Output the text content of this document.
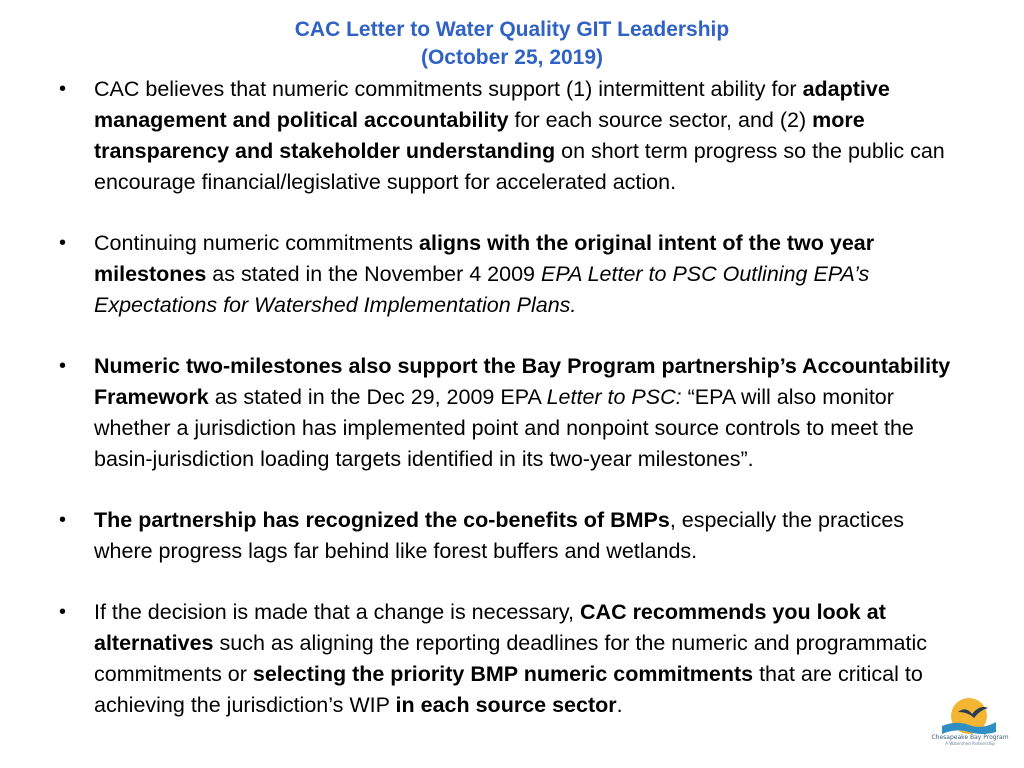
CAC Letter to Water Quality GIT Leadership
(October 25, 2019)
• CAC believes that numeric commitments support (1) intermittent ability for adaptive management and political accountability for each source sector, and (2) more transparency and stakeholder understanding on short term progress so the public can encourage financial/legislative support for accelerated action.
• Continuing numeric commitments aligns with the original intent of the two year milestones as stated in the November 4 2009 EPA Letter to PSC Outlining EPA’s Expectations for Watershed Implementation Plans.
• Numeric two-milestones also support the Bay Program partnership’s Accountability Framework as stated in the Dec 29, 2009 EPA Letter to PSC: “EPA will also monitor whether a jurisdiction has implemented point and nonpoint source controls to meet the basin-jurisdiction loading targets identified in its two-year milestones”.
• The partnership has recognized the co-benefits of BMPs, especially the practices where progress lags far behind like forest buffers and wetlands.
• If the decision is made that a change is necessary, CAC recommends you look at alternatives such as aligning the reporting deadlines for the numeric and programmatic commitments or selecting the priority BMP numeric commitments that are critical to achieving the jurisdiction’s WIP in each source sector.
Chesapeake Bay Program
A Watershed Partnership
